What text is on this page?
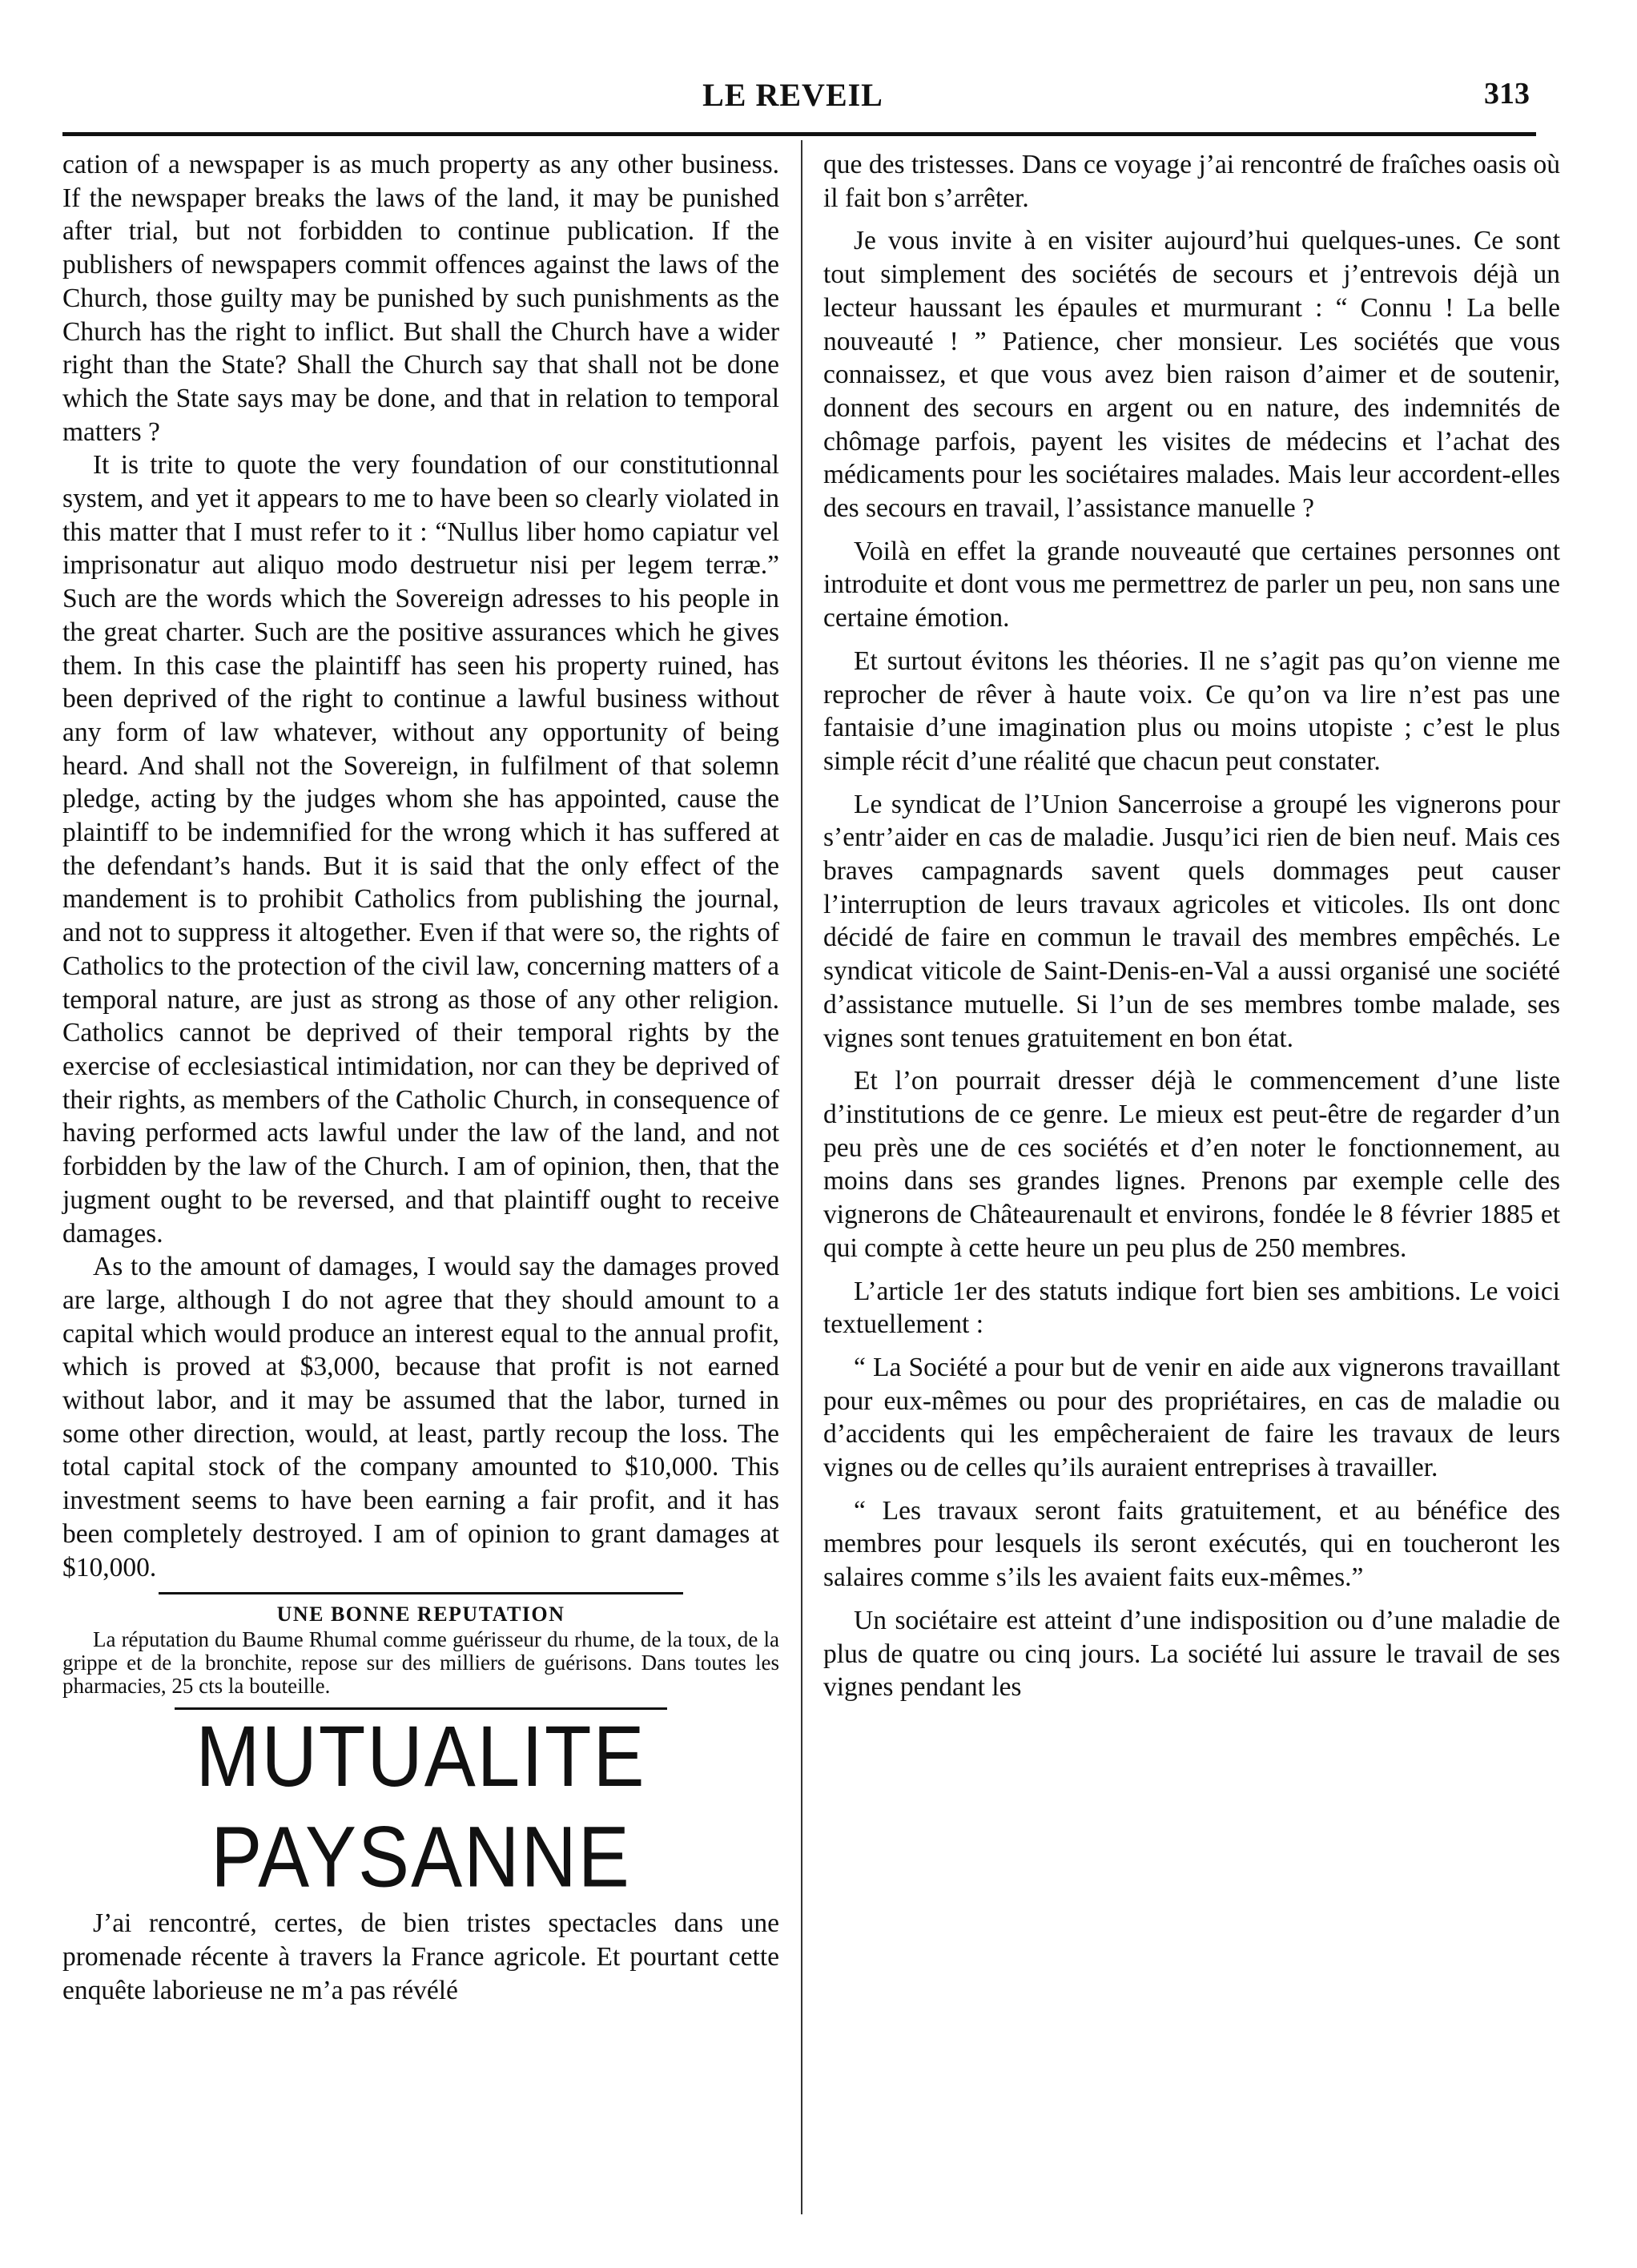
LE REVEIL	313

cation of a newspaper is as much property as any other business. If the newspaper breaks the laws of the land, it may be punished after trial, but not forbidden to continue publication. If the publishers of newspapers commit offences against the laws of the Church, those guilty may be punished by such punishments as the Church has the right to inflict. But shall the Church have a wider right than the State? Shall the Church say that shall not be done which the State says may be done, and that in relation to temporal matters ?

It is trite to quote the very foundation of our constitutionnal system, and yet it appears to me to have been so clearly violated in this matter that I must refer to it : “Nullus liber homo capiatur vel imprisonatur aut aliquo modo destruetur nisi per legem terræ.” Such are the words which the Sovereign adresses to his people in the great charter. Such are the positive assurances which he gives them. In this case the plaintiff has seen his property ruined, has been deprived of the right to continue a lawful business without any form of law whatever, without any opportunity of being heard. And shall not the Sovereign, in fulfilment of that solemn pledge, acting by the judges whom she has appointed, cause the plaintiff to be indemnified for the wrong which it has suffered at the defendant’s hands. But it is said that the only effect of the mandement is to prohibit Catholics from publishing the journal, and not to suppress it altogether. Even if that were so, the rights of Catholics to the protection of the civil law, concerning matters of a temporal nature, are just as strong as those of any other religion. Catholics cannot be deprived of their temporal rights by the exercise of ecclesiastical intimidation, nor can they be deprived of their rights, as members of the Catholic Church, in consequence of having performed acts lawful under the law of the land, and not forbidden by the law of the Church. I am of opinion, then, that the jugment ought to be reversed, and that plaintiff ought to receive damages.

As to the amount of damages, I would say the damages proved are large, although I do not agree that they should amount to a capital which would produce an interest equal to the annual profit, which is proved at $3,000, because that profit is not earned without labor, and it may be assumed that the labor, turned in some other direction, would, at least, partly recoup the loss. The total capital stock of the company amounted to $10,000. This investment seems to have been earning a fair profit, and it has been completely destroyed. I am of opinion to grant damages at $10,000.

UNE BONNE REPUTATION

La réputation du Baume Rhumal comme guérisseur du rhume, de la toux, de la grippe et de la bronchite, repose sur des milliers de guérisons. Dans toutes les pharmacies, 25 cts la bouteille.

MUTUALITE PAYSANNE

J’ai rencontré, certes, de bien tristes spectacles dans une promenade récente à travers la France agricole. Et pourtant cette enquête laborieuse ne m’a pas révélé

que des tristesses. Dans ce voyage j’ai rencontré de fraîches oasis où il fait bon s’arrêter.

Je vous invite à en visiter aujourd’hui quelques-unes. Ce sont tout simplement des sociétés de secours et j’entrevois déjà un lecteur haussant les épaules et murmurant : “ Connu ! La belle nouveauté ! ” Patience, cher monsieur. Les sociétés que vous connaissez, et que vous avez bien raison d’aimer et de soutenir, donnent des secours en argent ou en nature, des indemnités de chômage parfois, payent les visites de médecins et l’achat des médicaments pour les sociétaires malades. Mais leur accordent-elles des secours en travail, l’assistance manuelle ?

Voilà en effet la grande nouveauté que certaines personnes ont introduite et dont vous me permettrez de parler un peu, non sans une certaine émotion.

Et surtout évitons les théories. Il ne s’agit pas qu’on vienne me reprocher de rêver à haute voix. Ce qu’on va lire n’est pas une fantaisie d’une imagination plus ou moins utopiste ; c’est le plus simple récit d’une réalité que chacun peut constater.

Le syndicat de l’Union Sancerroise a groupé les vignerons pour s’entr’aider en cas de maladie. Jusqu’ici rien de bien neuf. Mais ces braves campagnards savent quels dommages peut causer l’interruption de leurs travaux agricoles et viticoles. Ils ont donc décidé de faire en commun le travail des membres empêchés. Le syndicat viticole de Saint-Denis-en-Val a aussi organisé une société d’assistance mutuelle. Si l’un de ses membres tombe malade, ses vignes sont tenues gratuitement en bon état.

Et l’on pourrait dresser déjà le commencement d’une liste d’institutions de ce genre. Le mieux est peut-être de regarder d’un peu près une de ces sociétés et d’en noter le fonctionnement, au moins dans ses grandes lignes. Prenons par exemple celle des vignerons de Châteaurenault et environs, fondée le 8 février 1885 et qui compte à cette heure un peu plus de 250 membres.

L’article 1er des statuts indique fort bien ses ambitions. Le voici textuellement :

“ La Société a pour but de venir en aide aux vignerons travaillant pour eux-mêmes ou pour des propriétaires, en cas de maladie ou d’accidents qui les empêcheraient de faire les travaux de leurs vignes ou de celles qu’ils auraient entreprises à travailler.

“ Les travaux seront faits gratuitement, et au bénéfice des membres pour lesquels ils seront exécutés, qui en toucheront les salaires comme s’ils les avaient faits eux-mêmes.”

Un sociétaire est atteint d’une indisposition ou d’une maladie de plus de quatre ou cinq jours. La société lui assure le travail de ses vignes pendant les
